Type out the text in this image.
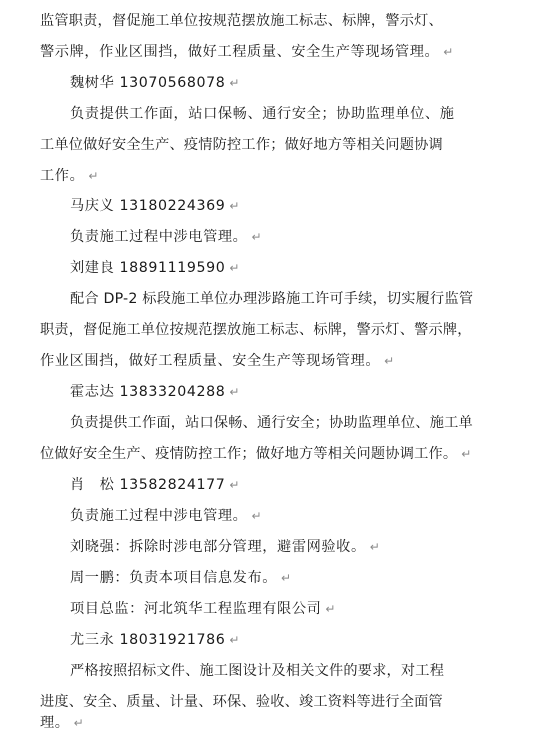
监管职责，督促施工单位按规范摆放施工标志、标牌，警示灯、
警示牌，作业区围挡，做好工程质量、安全生产等现场管理。 ↵
魏树华 13070568078 ↵
负责提供工作面，站口保畅、通行安全；协助监理单位、施
工单位做好安全生产、疫情防控工作；做好地方等相关问题协调
工作。 ↵
马庆义 13180224369 ↵
负责施工过程中涉电管理。 ↵
刘建良 18891119590 ↵
配合 DP-2 标段施工单位办理涉路施工许可手续，切实履行监管
职责，督促施工单位按规范摆放施工标志、标牌，警示灯、警示牌，
作业区围挡，做好工程质量、安全生产等现场管理。 ↵
霍志达 13833204288 ↵
负责提供工作面，站口保畅、通行安全；协助监理单位、施工单
位做好安全生产、疫情防控工作；做好地方等相关问题协调工作。 ↵
肖　松 13582824177 ↵
负责施工过程中涉电管理。 ↵
刘晓强：拆除时涉电部分管理，避雷网验收。 ↵
周一鹏：负责本项目信息发布。 ↵
项目总监：河北筑华工程监理有限公司 ↵
尤三永 18031921786 ↵
严格按照招标文件、施工图设计及相关文件的要求，对工程
进度、安全、质量、计量、环保、验收、竣工资料等进行全面管
理。 ↵
